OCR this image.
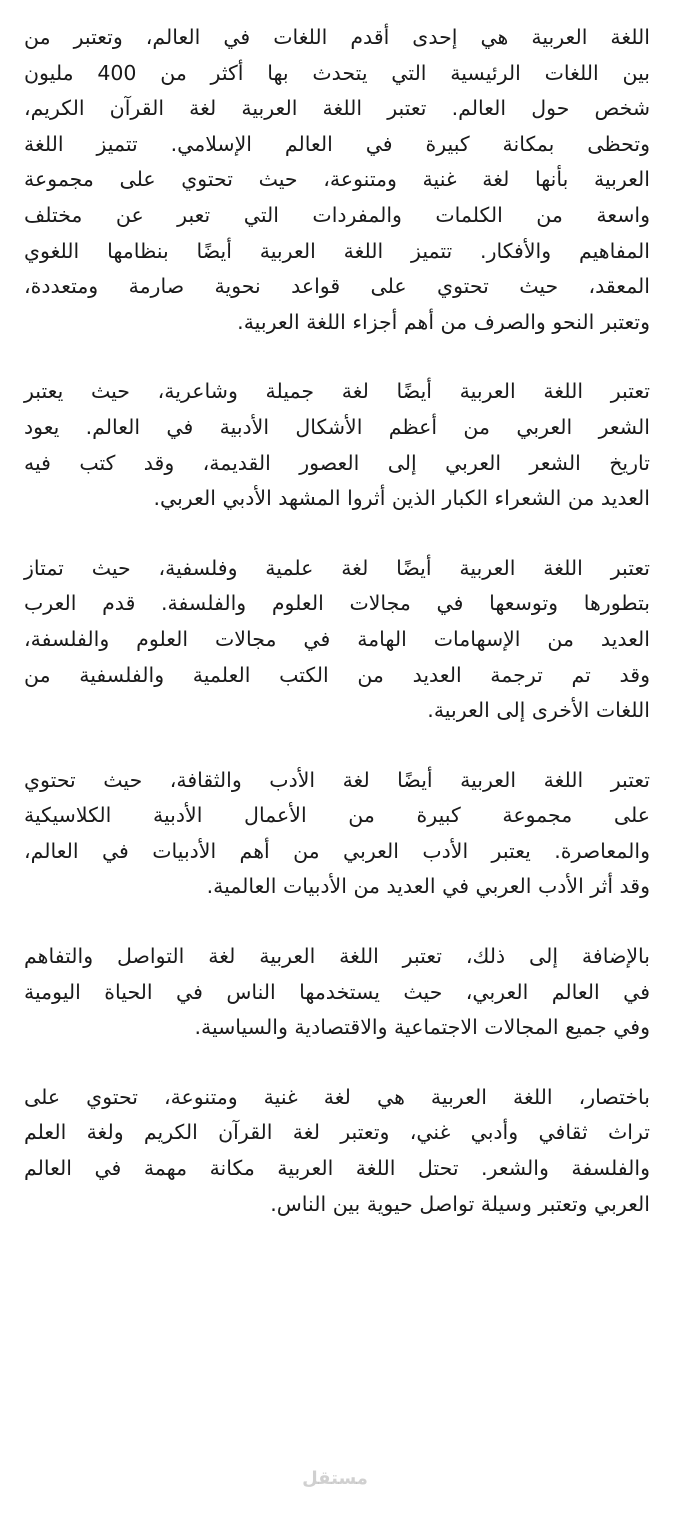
اللغة العربية هي إحدى أقدم اللغات في العالم، وتعتبر من
بين اللغات الرئيسية التي يتحدث بها أكثر من 400 مليون
شخص حول العالم. تعتبر اللغة العربية لغة القرآن الكريم،
وتحظى بمكانة كبيرة في العالم الإسلامي. تتميز اللغة
العربية بأنها لغة غنية ومتنوعة، حيث تحتوي على مجموعة
واسعة من الكلمات والمفردات التي تعبر عن مختلف
المفاهيم والأفكار. تتميز اللغة العربية أيضًا بنظامها اللغوي
المعقد، حيث تحتوي على قواعد نحوية صارمة ومتعددة،
وتعتبر النحو والصرف من أهم أجزاء اللغة العربية.

تعتبر اللغة العربية أيضًا لغة جميلة وشاعرية، حيث يعتبر
الشعر العربي من أعظم الأشكال الأدبية في العالم. يعود
تاريخ الشعر العربي إلى العصور القديمة، وقد كتب فيه
العديد من الشعراء الكبار الذين أثروا المشهد الأدبي العربي.

تعتبر اللغة العربية أيضًا لغة علمية وفلسفية، حيث تمتاز
بتطورها وتوسعها في مجالات العلوم والفلسفة. قدم العرب
العديد من الإسهامات الهامة في مجالات العلوم والفلسفة،
وقد تم ترجمة العديد من الكتب العلمية والفلسفية من
اللغات الأخرى إلى العربية.

تعتبر اللغة العربية أيضًا لغة الأدب والثقافة، حيث تحتوي
على مجموعة كبيرة من الأعمال الأدبية الكلاسيكية
والمعاصرة. يعتبر الأدب العربي من أهم الأدبيات في العالم،
وقد أثر الأدب العربي في العديد من الأدبيات العالمية.

بالإضافة إلى ذلك، تعتبر اللغة العربية لغة التواصل والتفاهم
في العالم العربي، حيث يستخدمها الناس في الحياة اليومية
وفي جميع المجالات الاجتماعية والاقتصادية والسياسية.

باختصار، اللغة العربية هي لغة غنية ومتنوعة، تحتوي على
تراث ثقافي وأدبي غني، وتعتبر لغة القرآن الكريم ولغة العلم
والفلسفة والشعر. تحتل اللغة العربية مكانة مهمة في العالم
العربي وتعتبر وسيلة تواصل حيوية بين الناس.

مستقل
